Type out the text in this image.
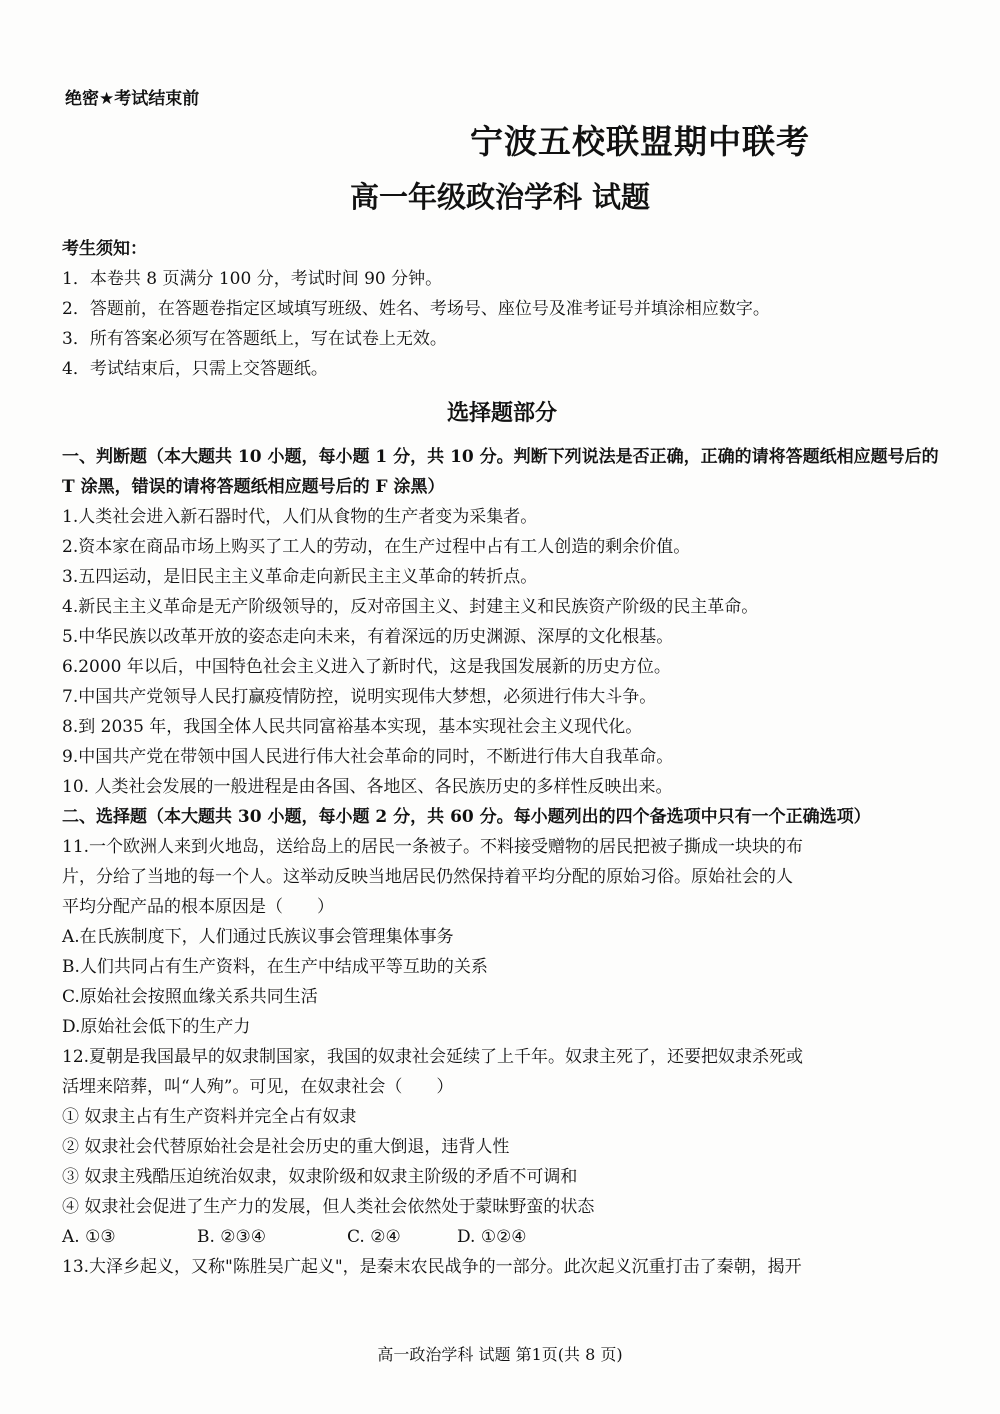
绝密★考试结束前
宁波五校联盟期中联考
高一年级政治学科 试题
考生须知：
1．本卷共 8 页满分 100 分，考试时间 90 分钟。
2．答题前，在答题卷指定区域填写班级、姓名、考场号、座位号及准考证号并填涂相应数字。
3．所有答案必须写在答题纸上，写在试卷上无效。
4．考试结束后，只需上交答题纸。
选择题部分
一、判断题（本大题共 10 小题，每小题 1 分，共 10 分。判断下列说法是否正确，正确的请将答题纸相应题号后的 T 涂黑，错误的请将答题纸相应题号后的 F 涂黑）
1.人类社会进入新石器时代，人们从食物的生产者变为采集者。
2.资本家在商品市场上购买了工人的劳动，在生产过程中占有工人创造的剩余价值。
3.五四运动，是旧民主主义革命走向新民主主义革命的转折点。
4.新民主主义革命是无产阶级领导的，反对帝国主义、封建主义和民族资产阶级的民主革命。
5.中华民族以改革开放的姿态走向未来，有着深远的历史渊源、深厚的文化根基。
6.2000 年以后，中国特色社会主义进入了新时代，这是我国发展新的历史方位。
7.中国共产党领导人民打赢疫情防控，说明实现伟大梦想，必须进行伟大斗争。
8.到 2035 年，我国全体人民共同富裕基本实现，基本实现社会主义现代化。
9.中国共产党在带领中国人民进行伟大社会革命的同时，不断进行伟大自我革命。
10. 人类社会发展的一般进程是由各国、各地区、各民族历史的多样性反映出来。
二、选择题（本大题共 30 小题，每小题 2 分，共 60 分。每小题列出的四个备选项中只有一个正确选项）
11.一个欧洲人来到火地岛，送给岛上的居民一条被子。不料接受赠物的居民把被子撕成一块块的布
片，分给了当地的每一个人。这举动反映当地居民仍然保持着平均分配的原始习俗。原始社会的人
平均分配产品的根本原因是（　　）
A.在氏族制度下，人们通过氏族议事会管理集体事务
B.人们共同占有生产资料，在生产中结成平等互助的关系
C.原始社会按照血缘关系共同生活
D.原始社会低下的生产力
12.夏朝是我国最早的奴隶制国家，我国的奴隶社会延续了上千年。奴隶主死了，还要把奴隶杀死或
活埋来陪葬，叫“人殉”。可见，在奴隶社会（　　）
① 奴隶主占有生产资料并完全占有奴隶
② 奴隶社会代替原始社会是社会历史的重大倒退，违背人性
③ 奴隶主残酷压迫统治奴隶，奴隶阶级和奴隶主阶级的矛盾不可调和
④ 奴隶社会促进了生产力的发展，但人类社会依然处于蒙昧野蛮的状态
A. ①③	B. ②③④	C. ②④	D. ①②④
13.大泽乡起义，又称"陈胜吴广起义"，是秦末农民战争的一部分。此次起义沉重打击了秦朝，揭开
高一政治学科 试题 第1页(共 8 页)
